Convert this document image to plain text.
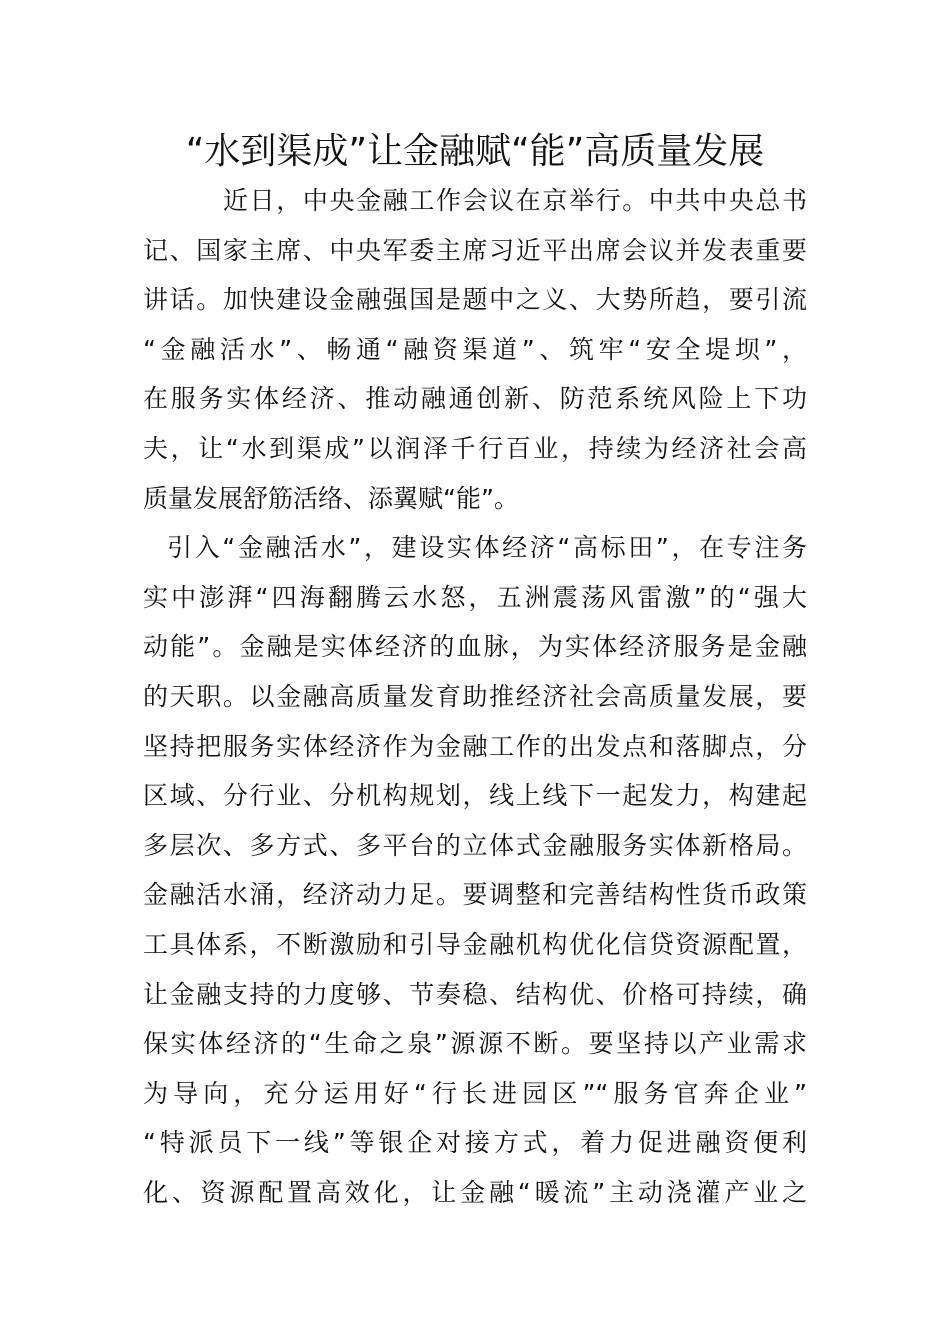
“水到渠成”让金融赋“能”高质量发展
近日，中央金融工作会议在京举行。中共中央总书
记、国家主席、中央军委主席习近平出席会议并发表重要
讲话。加快建设金融强国是题中之义、大势所趋，要引流
“金融活水”、畅通“融资渠道”、筑牢“安全堤坝”，
在服务实体经济、推动融通创新、防范系统风险上下功
夫，让“水到渠成”以润泽千行百业，持续为经济社会高
质量发展舒筋活络、添翼赋“能”。
引入“金融活水”，建设实体经济“高标田”，在专注务
实中澎湃“四海翻腾云水怒，五洲震荡风雷激”的“强大
动能”。金融是实体经济的血脉，为实体经济服务是金融
的天职。以金融高质量发育助推经济社会高质量发展，要
坚持把服务实体经济作为金融工作的出发点和落脚点，分
区域、分行业、分机构规划，线上线下一起发力，构建起
多层次、多方式、多平台的立体式金融服务实体新格局。
金融活水涌，经济动力足。要调整和完善结构性货币政策
工具体系，不断激励和引导金融机构优化信贷资源配置，
让金融支持的力度够、节奏稳、结构优、价格可持续，确
保实体经济的“生命之泉”源源不断。要坚持以产业需求
为导向，充分运用好“行长进园区”“服务官奔企业”
“特派员下一线”等银企对接方式，着力促进融资便利
化、资源配置高效化，让金融“暖流”主动浇灌产业之
